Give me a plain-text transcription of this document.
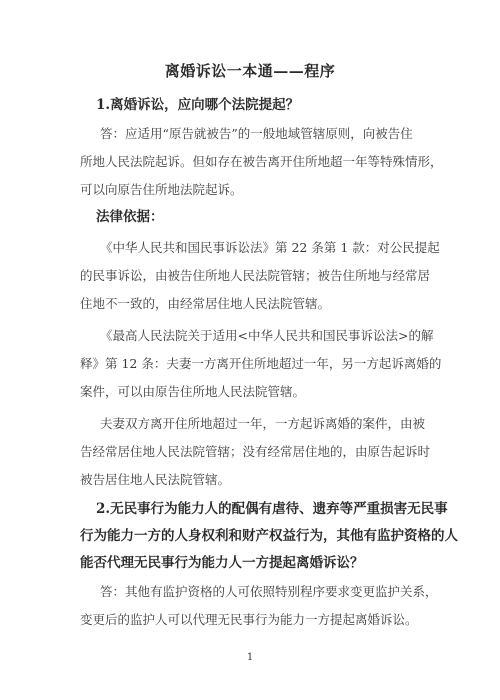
离婚诉讼一本通——程序
1.离婚诉讼，应向哪个法院提起？
答：应适用“原告就被告”的一般地域管辖原则，向被告住
所地人民法院起诉。但如存在被告离开住所地超一年等特殊情形，
可以向原告住所地法院起诉。
法律依据：
《中华人民共和国民事诉讼法》第 22 条第 1 款：对公民提起
的民事诉讼，由被告住所地人民法院管辖；被告住所地与经常居
住地不一致的，由经常居住地人民法院管辖。
《最高人民法院关于适用<中华人民共和国民事诉讼法>的解
释》第 12 条：夫妻一方离开住所地超过一年，另一方起诉离婚的
案件，可以由原告住所地人民法院管辖。
夫妻双方离开住所地超过一年，一方起诉离婚的案件，由被
告经常居住地人民法院管辖；没有经常居住地的，由原告起诉时
被告居住地人民法院管辖。
2.无民事行为能力人的配偶有虐待、遗弃等严重损害无民事
行为能力一方的人身权利和财产权益行为，其他有监护资格的人
能否代理无民事行为能力人一方提起离婚诉讼？
答：其他有监护资格的人可依照特别程序要求变更监护关系，
变更后的监护人可以代理无民事行为能力一方提起离婚诉讼。
1
